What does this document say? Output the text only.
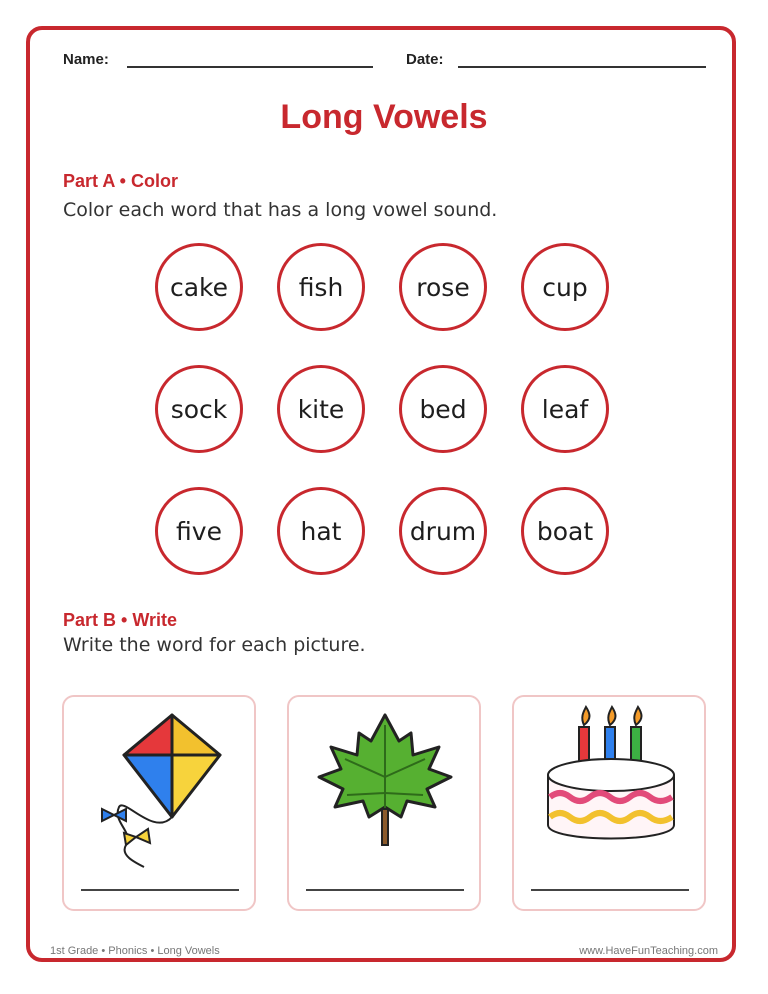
Name:	Date:
Long Vowels
Part A • Color
Color each word that has a long vowel sound.
cake	fish	rose	cup
sock	kite	bed	leaf
five	hat	drum	boat
Part B • Write
Write the word for each picture.
1st Grade • Phonics • Long Vowels	www.HaveFunTeaching.com
